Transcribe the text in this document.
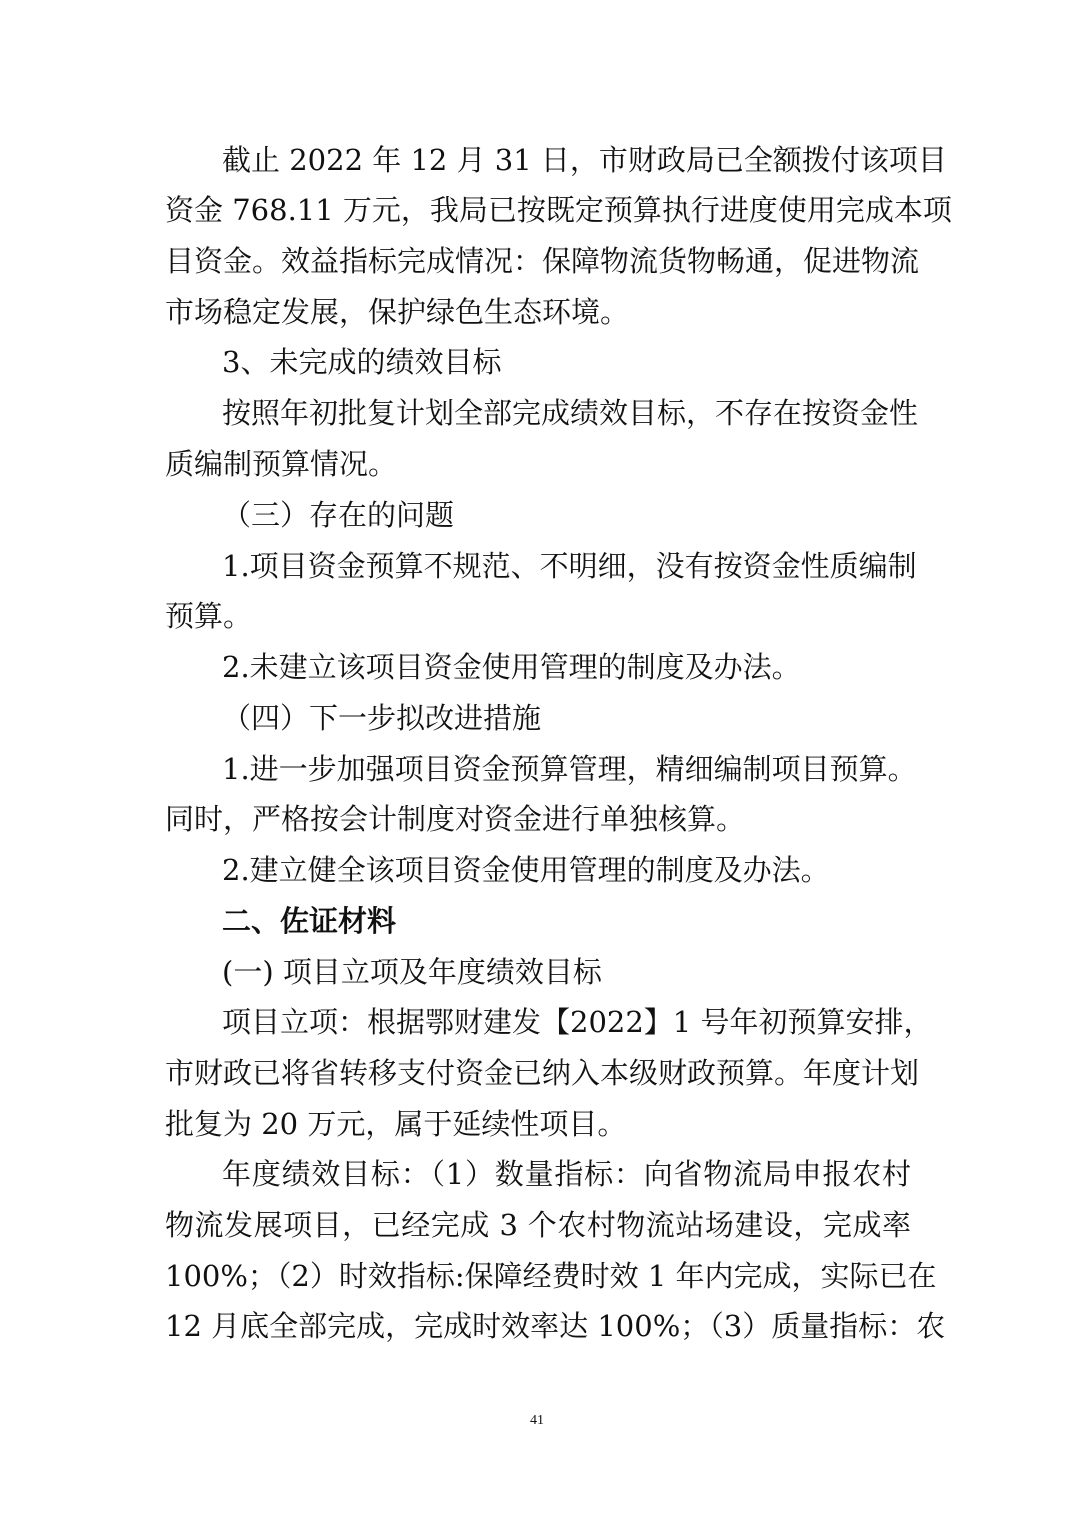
截止 2022 年 12 月 31 日，市财政局已全额拨付该项目
资金 768.11 万元，我局已按既定预算执行进度使用完成本项
目资金。效益指标完成情况：保障物流货物畅通，促进物流
市场稳定发展，保护绿色生态环境。
3、未完成的绩效目标
按照年初批复计划全部完成绩效目标，不存在按资金性
质编制预算情况。
（三）存在的问题
1.项目资金预算不规范、不明细，没有按资金性质编制
预算。
2.未建立该项目资金使用管理的制度及办法。
（四）下一步拟改进措施
1.进一步加强项目资金预算管理，精细编制项目预算。
同时，严格按会计制度对资金进行单独核算。
2.建立健全该项目资金使用管理的制度及办法。
二、佐证材料
(一) 项目立项及年度绩效目标
项目立项：根据鄂财建发【2022】1 号年初预算安排，
市财政已将省转移支付资金已纳入本级财政预算。年度计划
批复为 20 万元，属于延续性项目。
年度绩效目标：（1）数量指标：向省物流局申报农村
物流发展项目，已经完成 3 个农村物流站场建设，完成率
100%；（2）时效指标:保障经费时效 1 年内完成，实际已在
12 月底全部完成，完成时效率达 100%；（3）质量指标：农
41
